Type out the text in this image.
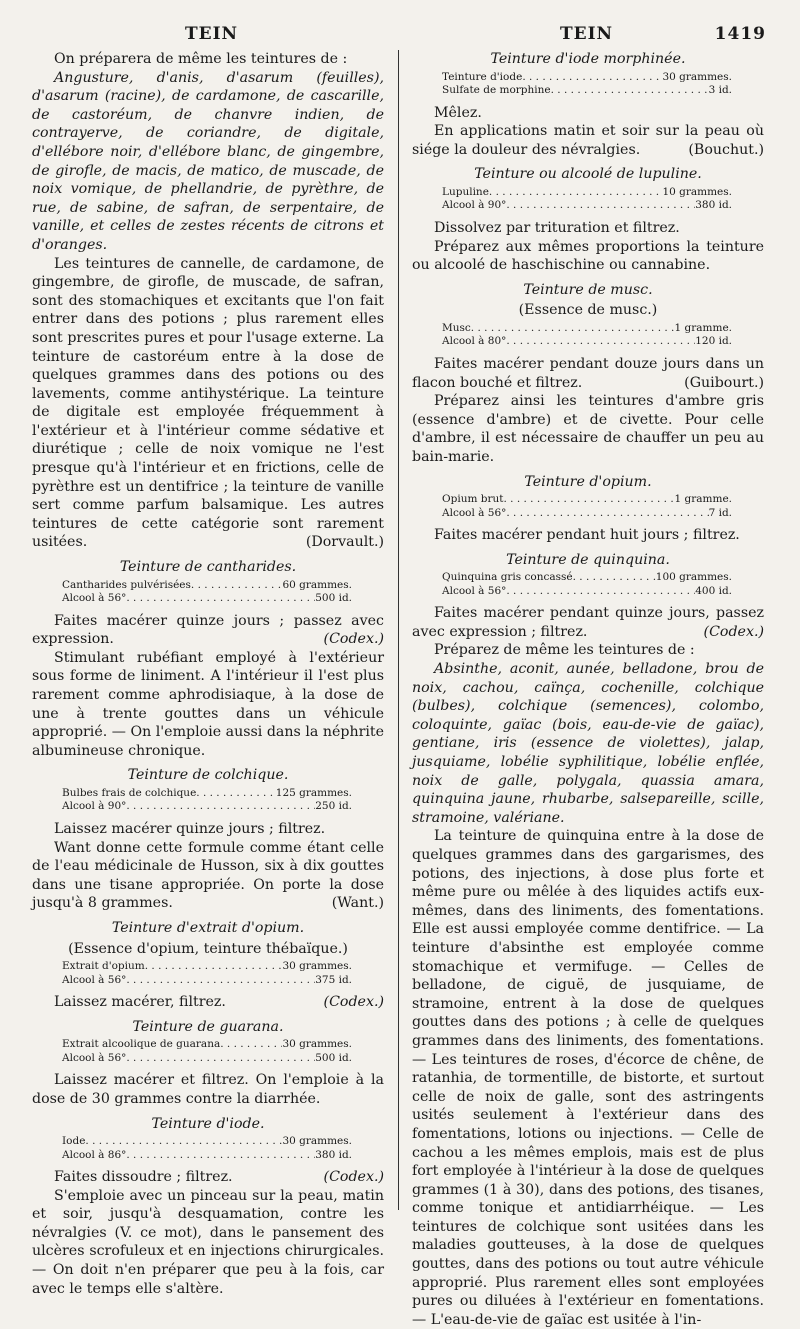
TEIN	TEIN	1419

On préparera de même les teintures de :

Angusture, d'anis, d'asarum (feuilles), d'asarum (racine), de cardamone, de cascarille, de castoréum, de chanvre indien, de contrayerve, de coriandre, de digitale, d'ellébore noir, d'ellébore blanc, de gingembre, de girofle, de macis, de matico, de muscade, de noix vomique, de phellandrie, de pyrèthre, de rue, de sabine, de safran, de serpentaire, de vanille, et celles de zestes récents de citrons et d'oranges.

Les teintures de cannelle, de cardamone, de gingembre, de girofle, de muscade, de safran, sont des stomachiques et excitants que l'on fait entrer dans des potions ; plus rarement elles sont prescrites pures et pour l'usage externe. La teinture de castoréum entre à la dose de quelques grammes dans des potions ou des lavements, comme antihystérique. La teinture de digitale est employée fréquemment à l'extérieur et à l'intérieur comme sédative et diurétique ; celle de noix vomique ne l'est presque qu'à l'intérieur et en frictions, celle de pyrèthre est un dentifrice ; la teinture de vanille sert comme parfum balsamique. Les autres teintures de cette catégorie sont rarement usitées.	(Dorvault.)

Teinture de cantharides.

Cantharides pulvérisées . . .	60 grammes.
Alcool à 56° . . .	500 id.

Faites macérer quinze jours ; passez avec expression.	(Codex.)

Stimulant rubéfiant employé à l'extérieur sous forme de liniment. A l'intérieur il l'est plus rarement comme aphrodisiaque, à la dose de une à trente gouttes dans un véhicule approprié. — On l'emploie aussi dans la néphrite albumineuse chronique.

Teinture de colchique.

Bulbes frais de colchique . . .	125 grammes.
Alcool à 90° . . .	250 id.

Laissez macérer quinze jours ; filtrez.

Want donne cette formule comme étant celle de l'eau médicinale de Husson, six à dix gouttes dans une tisane appropriée. On porte la dose jusqu'à 8 grammes.	(Want.)

Teinture d'extrait d'opium.

(Essence d'opium, teinture thébaïque.)

Extrait d'opium . . .	30 grammes.
Alcool à 56° . . .	375 id.

Laissez macérer, filtrez.	(Codex.)

Teinture de guarana.

Extrait alcoolique de guarana . . .	30 grammes.
Alcool à 56° . . .	500 id.

Laissez macérer et filtrez. On l'emploie à la dose de 30 grammes contre la diarrhée.

Teinture d'iode.

Iode . . .	30 grammes.
Alcool à 86° . . .	380 id.

Faites dissoudre ; filtrez.	(Codex.)

S'emploie avec un pinceau sur la peau, matin et soir, jusqu'à desquamation, contre les névralgies (V. ce mot), dans le pansement des ulcères scrofuleux et en injections chirurgicales. — On doit n'en préparer que peu à la fois, car avec le temps elle s'altère.

Teinture d'iode morphinée.

Teinture d'iode . . .	30 grammes.
Sulfate de morphine . . .	3 id.

Mêlez.

En applications matin et soir sur la peau où siége la douleur des névralgies.	(Bouchut.)

Teinture ou alcoolé de lupuline.

Lupuline . . .	10 grammes.
Alcool à 90° . . .	380 id.

Dissolvez par trituration et filtrez.

Préparez aux mêmes proportions la teinture ou alcoolé de haschischine ou cannabine.

Teinture de musc.

(Essence de musc.)

Musc . . .	1 gramme.
Alcool à 80° . . .	120 id.

Faites macérer pendant douze jours dans un flacon bouché et filtrez.	(Guibourt.)

Préparez ainsi les teintures d'ambre gris (essence d'ambre) et de civette. Pour celle d'ambre, il est nécessaire de chauffer un peu au bain-marie.

Teinture d'opium.

Opium brut . . .	1 gramme.
Alcool à 56° . . .	7 id.

Faites macérer pendant huit jours ; filtrez.

Teinture de quinquina.

Quinquina gris concassé . . .	100 grammes.
Alcool à 56° . . .	400 id.

Faites macérer pendant quinze jours, passez avec expression ; filtrez.	(Codex.)

Préparez de même les teintures de :

Absinthe, aconit, aunée, belladone, brou de noix, cachou, caïnça, cochenille, colchique (bulbes), colchique (semences), colombo, coloquinte, gaïac (bois, eau-de-vie de gaïac), gentiane, iris (essence de violettes), jalap, jusquiame, lobélie syphilitique, lobélie enflée, noix de galle, polygala, quassia amara, quinquina jaune, rhubarbe, salsepareille, scille, stramoine, valériane.

La teinture de quinquina entre à la dose de quelques grammes dans des gargarismes, des potions, des injections, à dose plus forte et même pure ou mêlée à des liquides actifs eux-mêmes, dans des liniments, des fomentations. Elle est aussi employée comme dentifrice. — La teinture d'absinthe est employée comme stomachique et vermifuge. — Celles de belladone, de ciguë, de jusquiame, de stramoine, entrent à la dose de quelques gouttes dans des potions ; à celle de quelques grammes dans des liniments, des fomentations. — Les teintures de roses, d'écorce de chêne, de ratanhia, de tormentille, de bistorte, et surtout celle de noix de galle, sont des astringents usités seulement à l'extérieur dans des fomentations, lotions ou injections. — Celle de cachou a les mêmes emplois, mais est de plus fort employée à l'intérieur à la dose de quelques grammes (1 à 30), dans des potions, des tisanes, comme tonique et antidiarrhéique. — Les teintures de colchique sont usitées dans les maladies goutteuses, à la dose de quelques gouttes, dans des potions ou tout autre véhicule approprié. Plus rarement elles sont employées pures ou diluées à l'extérieur en fomentations. — L'eau-de-vie de gaïac est usitée à l'in-
